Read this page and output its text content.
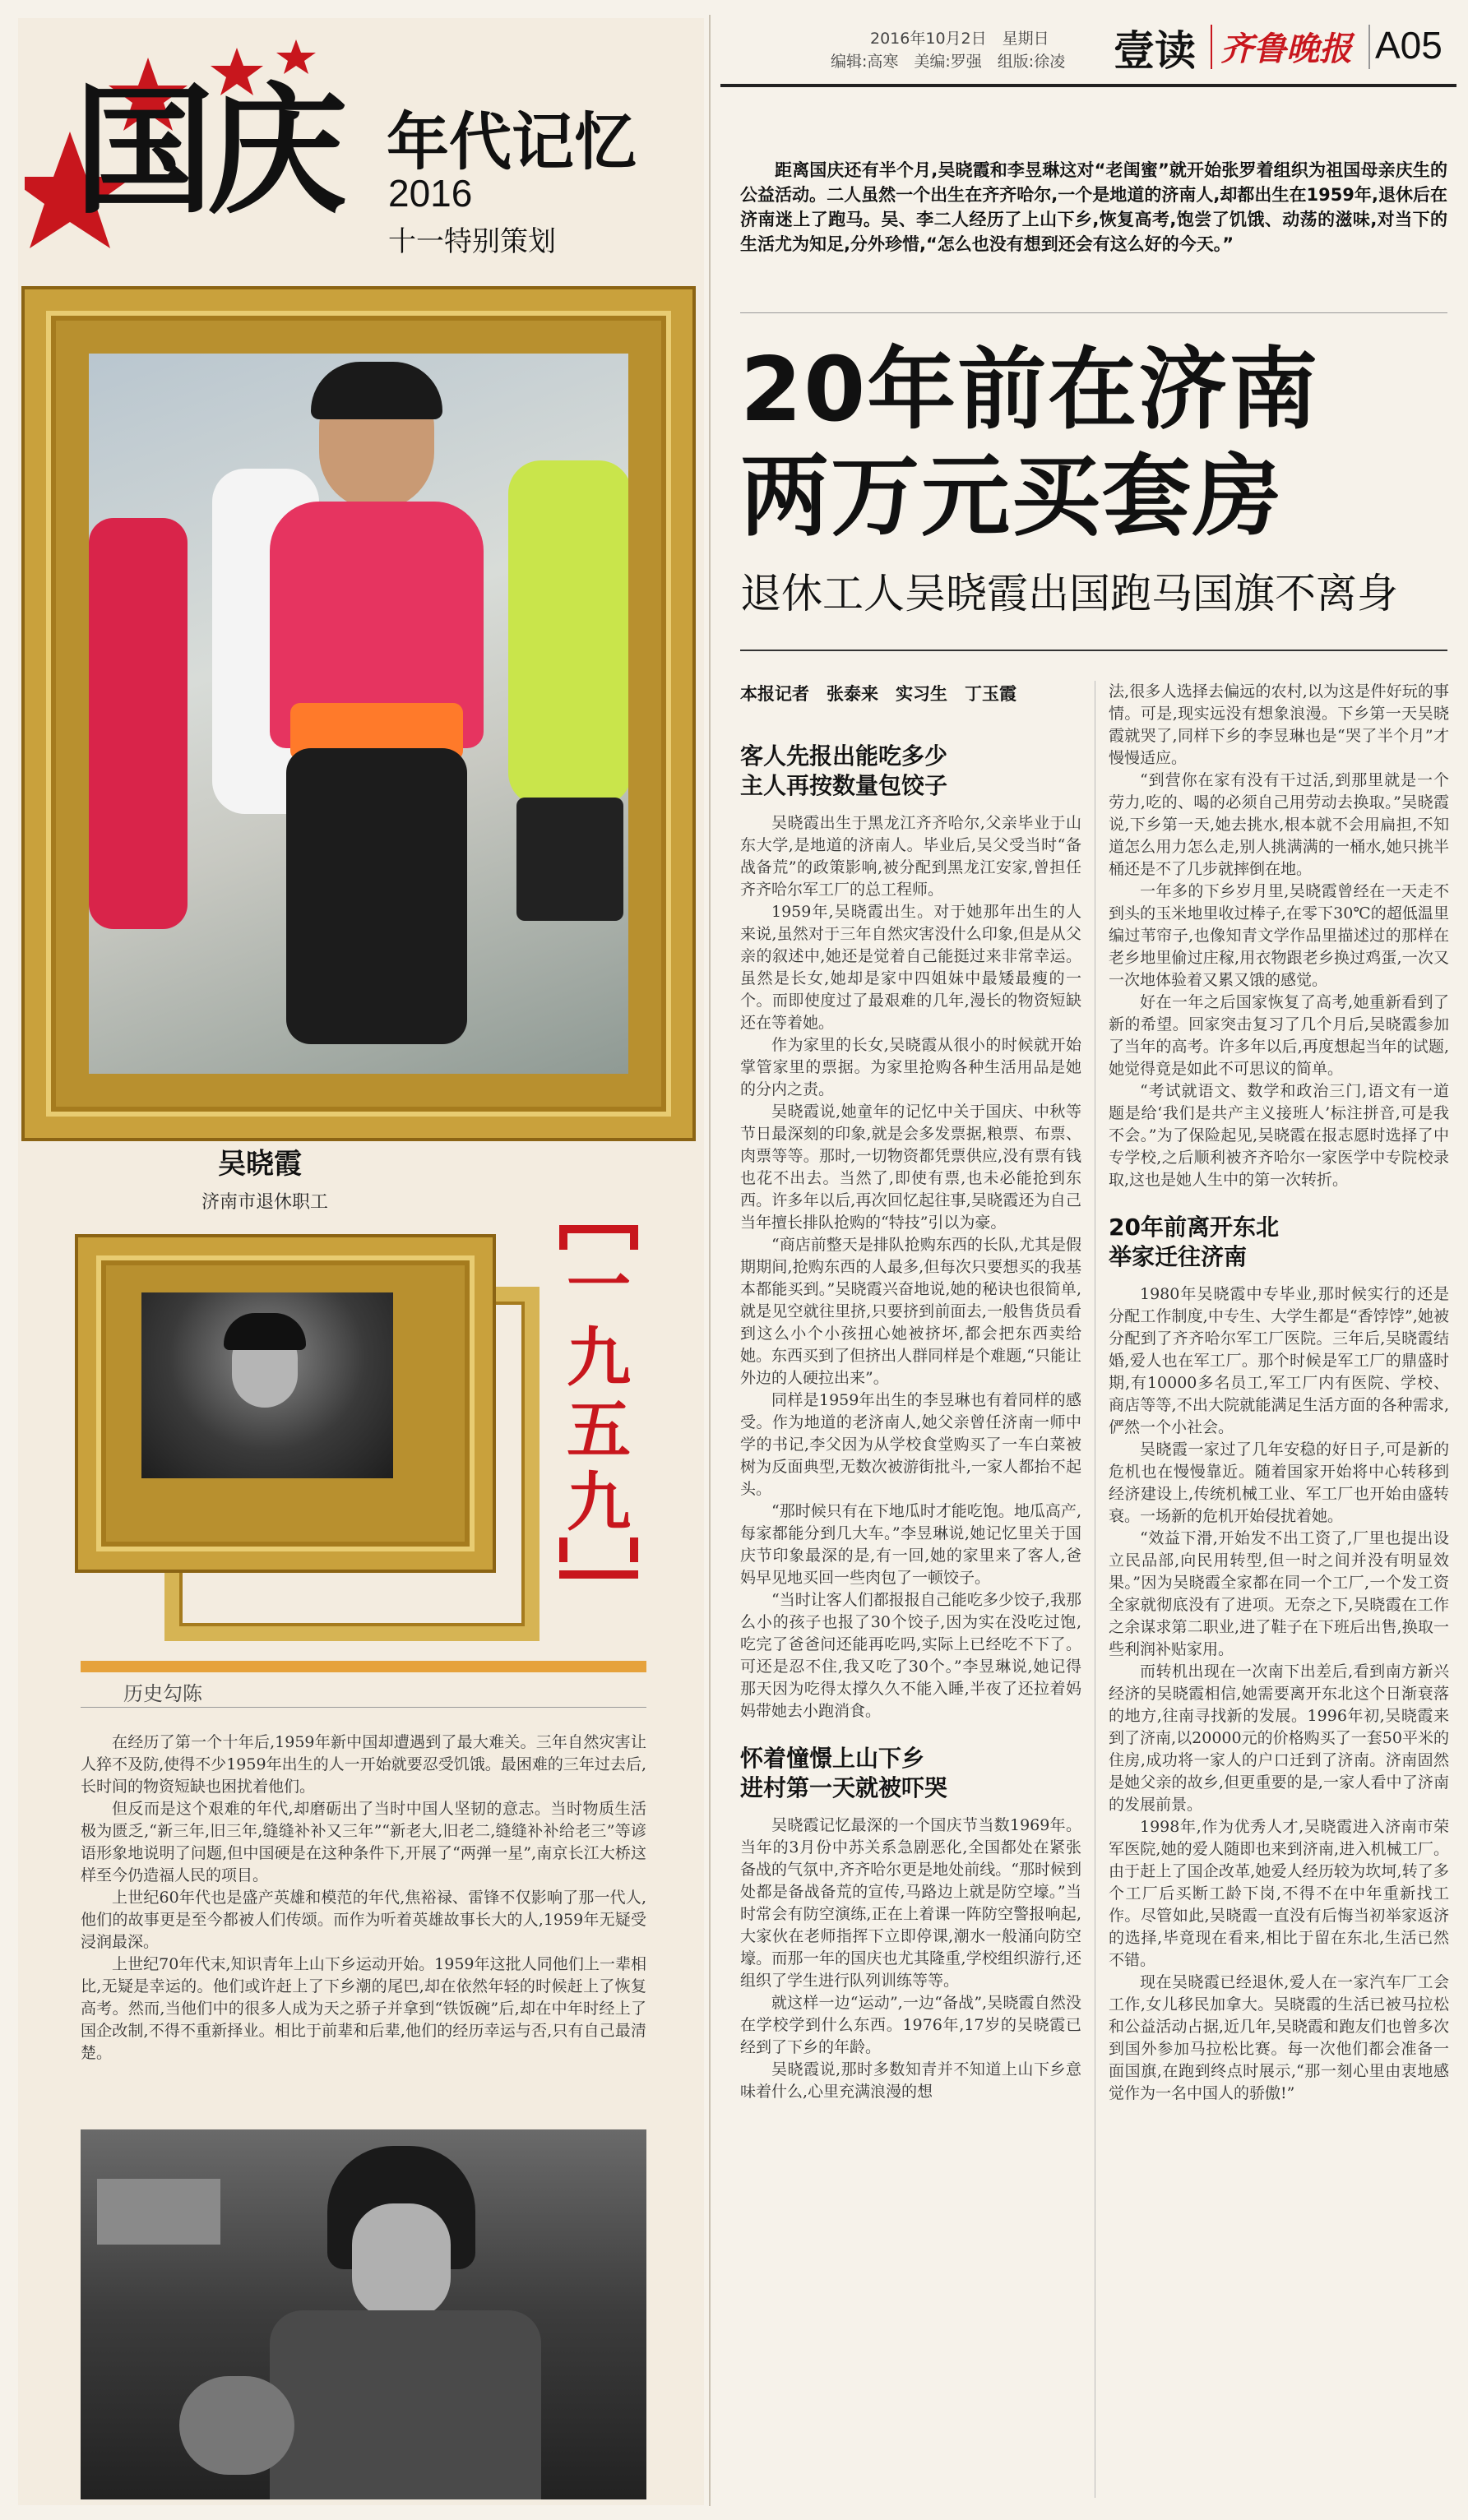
国庆 年代记忆
2016
十一特别策划
吴晓霞
济南市退休职工
一九五九
历史勾陈

在经历了第一个十年后,1959年新中国却遭遇到了最大难关。三年自然灾害让人猝不及防,使得不少1959年出生的人一开始就要忍受饥饿。最困难的三年过去后,长时间的物资短缺也困扰着他们。

但反而是这个艰难的年代,却磨砺出了当时中国人坚韧的意志。当时物质生活极为匮乏,“新三年,旧三年,缝缝补补又三年”“新老大,旧老二,缝缝补补给老三”等谚语形象地说明了问题,但中国硬是在这种条件下,开展了“两弹一星”,南京长江大桥这样至今仍造福人民的项目。

上世纪60年代也是盛产英雄和模范的年代,焦裕禄、雷锋不仅影响了那一代人,他们的故事更是至今都被人们传颂。而作为听着英雄故事长大的人,1959年无疑受浸润最深。

上世纪70年代末,知识青年上山下乡运动开始。1959年这批人同他们上一辈相比,无疑是幸运的。他们或许赶上了下乡潮的尾巴,却在依然年轻的时候赶上了恢复高考。然而,当他们中的很多人成为天之骄子并拿到“铁饭碗”后,却在中年时经上了国企改制,不得不重新择业。相比于前辈和后辈,他们的经历幸运与否,只有自己最清楚。

2016年10月2日　星期日
编辑:高寒　美编:罗强　组版:徐凌 壹读 齐鲁晚报 A05

距离国庆还有半个月,吴晓霞和李昱琳这对“老闺蜜”就开始张罗着组织为祖国母亲庆生的公益活动。二人虽然一个出生在齐齐哈尔,一个是地道的济南人,却都出生在1959年,退休后在济南迷上了跑马。吴、李二人经历了上山下乡,恢复高考,饱尝了饥饿、动荡的滋味,对当下的生活尤为知足,分外珍惜,“怎么也没有想到还会有这么好的今天。”

20年前在济南
两万元买套房
退休工人吴晓霞出国跑马国旗不离身
本报记者　张泰来　实习生　丁玉霞
客人先报出能吃多少
主人再按数量包饺子

吴晓霞出生于黑龙江齐齐哈尔,父亲毕业于山东大学,是地道的济南人。毕业后,吴父受当时“备战备荒”的政策影响,被分配到黑龙江安家,曾担任齐齐哈尔军工厂的总工程师。

1959年,吴晓霞出生。对于她那年出生的人来说,虽然对于三年自然灾害没什么印象,但是从父亲的叙述中,她还是觉着自己能挺过来非常幸运。虽然是长女,她却是家中四姐妹中最矮最瘦的一个。而即使度过了最艰难的几年,漫长的物资短缺还在等着她。

作为家里的长女,吴晓霞从很小的时候就开始掌管家里的票据。为家里抢购各种生活用品是她的分内之责。

吴晓霞说,她童年的记忆中关于国庆、中秋等节日最深刻的印象,就是会多发票据,粮票、布票、肉票等等。那时,一切物资都凭票供应,没有票有钱也花不出去。当然了,即使有票,也未必能抢到东西。许多年以后,再次回忆起往事,吴晓霞还为自己当年擅长排队抢购的“特技”引以为豪。

“商店前整天是排队抢购东西的长队,尤其是假期期间,抢购东西的人最多,但每次只要想买的我基本都能买到。”吴晓霞兴奋地说,她的秘诀也很简单,就是见空就往里挤,只要挤到前面去,一般售货员看到这么小个小孩扭心她被挤坏,都会把东西卖给她。东西买到了但挤出人群同样是个难题,“只能让外边的人硬拉出来”。

同样是1959年出生的李昱琳也有着同样的感受。作为地道的老济南人,她父亲曾任济南一师中学的书记,李父因为从学校食堂购买了一车白菜被树为反面典型,无数次被游街批斗,一家人都抬不起头。

“那时候只有在下地瓜时才能吃饱。地瓜高产,每家都能分到几大车。”李昱琳说,她记忆里关于国庆节印象最深的是,有一回,她的家里来了客人,爸妈早见地买回一些肉包了一顿饺子。

“当时让客人们都报报自己能吃多少饺子,我那么小的孩子也报了30个饺子,因为实在没吃过饱,吃完了爸爸问还能再吃吗,实际上已经吃不下了。可还是忍不住,我又吃了30个。”李昱琳说,她记得那天因为吃得太撑久久不能入睡,半夜了还拉着妈妈带她去小跑消食。

怀着憧憬上山下乡
进村第一天就被吓哭

吴晓霞记忆最深的一个国庆节当数1969年。当年的3月份中苏关系急剧恶化,全国都处在紧张备战的气氛中,齐齐哈尔更是地处前线。“那时候到处都是备战备荒的宣传,马路边上就是防空壕。”当时常会有防空演练,正在上着课一阵防空警报响起,大家伙在老师指挥下立即停课,潮水一般涌向防空壕。而那一年的国庆也尤其隆重,学校组织游行,还组织了学生进行队列训练等等。

就这样一边“运动”,一边“备战”,吴晓霞自然没在学校学到什么东西。1976年,17岁的吴晓霞已经到了下乡的年龄。

吴晓霞说,那时多数知青并不知道上山下乡意味着什么,心里充满浪漫的想

法,很多人选择去偏远的农村,以为这是件好玩的事情。可是,现实远没有想象浪漫。下乡第一天吴晓霞就哭了,同样下乡的李昱琳也是“哭了半个月”才慢慢适应。

“到营你在家有没有干过活,到那里就是一个劳力,吃的、喝的必须自己用劳动去换取。”吴晓霞说,下乡第一天,她去挑水,根本就不会用扁担,不知道怎么用力怎么走,别人挑满满的一桶水,她只挑半桶还是不了几步就摔倒在地。

一年多的下乡岁月里,吴晓霞曾经在一天走不到头的玉米地里收过棒子,在零下30℃的超低温里编过苇帘子,也像知青文学作品里描述过的那样在老乡地里偷过庄稼,用衣物跟老乡换过鸡蛋,一次又一次地体验着又累又饿的感觉。

好在一年之后国家恢复了高考,她重新看到了新的希望。回家突击复习了几个月后,吴晓霞参加了当年的高考。许多年以后,再度想起当年的试题,她觉得竟是如此不可思议的简单。

“考试就语文、数学和政治三门,语文有一道题是给‘我们是共产主义接班人’标注拼音,可是我不会。”为了保险起见,吴晓霞在报志愿时选择了中专学校,之后顺利被齐齐哈尔一家医学中专院校录取,这也是她人生中的第一次转折。

20年前离开东北
举家迁往济南

1980年吴晓霞中专毕业,那时候实行的还是分配工作制度,中专生、大学生都是“香饽饽”,她被分配到了齐齐哈尔军工厂医院。三年后,吴晓霞结婚,爱人也在军工厂。那个时候是军工厂的鼎盛时期,有10000多名员工,军工厂内有医院、学校、商店等等,不出大院就能满足生活方面的各种需求,俨然一个小社会。

吴晓霞一家过了几年安稳的好日子,可是新的危机也在慢慢靠近。随着国家开始将中心转移到经济建设上,传统机械工业、军工厂也开始由盛转衰。一场新的危机开始侵扰着她。

“效益下滑,开始发不出工资了,厂里也提出设立民品部,向民用转型,但一时之间并没有明显效果。”因为吴晓霞全家都在同一个工厂,一个发工资全家就彻底没有了进项。无奈之下,吴晓霞在工作之余谋求第二职业,进了鞋子在下班后出售,换取一些利润补贴家用。

而转机出现在一次南下出差后,看到南方新兴经济的吴晓霞相信,她需要离开东北这个日渐衰落的地方,往南寻找新的发展。1996年初,吴晓霞来到了济南,以20000元的价格购买了一套50平米的住房,成功将一家人的户口迁到了济南。济南固然是她父亲的故乡,但更重要的是,一家人看中了济南的发展前景。

1998年,作为优秀人才,吴晓霞进入济南市荣军医院,她的爱人随即也来到济南,进入机械工厂。由于赶上了国企改革,她爱人经历较为坎坷,转了多个工厂后买断工龄下岗,不得不在中年重新找工作。尽管如此,吴晓霞一直没有后悔当初举家返济的选择,毕竟现在看来,相比于留在东北,生活已然不错。

现在吴晓霞已经退休,爱人在一家汽车厂工会工作,女儿移民加拿大。吴晓霞的生活已被马拉松和公益活动占据,近几年,吴晓霞和跑友们也曾多次到国外参加马拉松比赛。每一次他们都会准备一面国旗,在跑到终点时展示,“那一刻心里由衷地感觉作为一名中国人的骄傲!”
